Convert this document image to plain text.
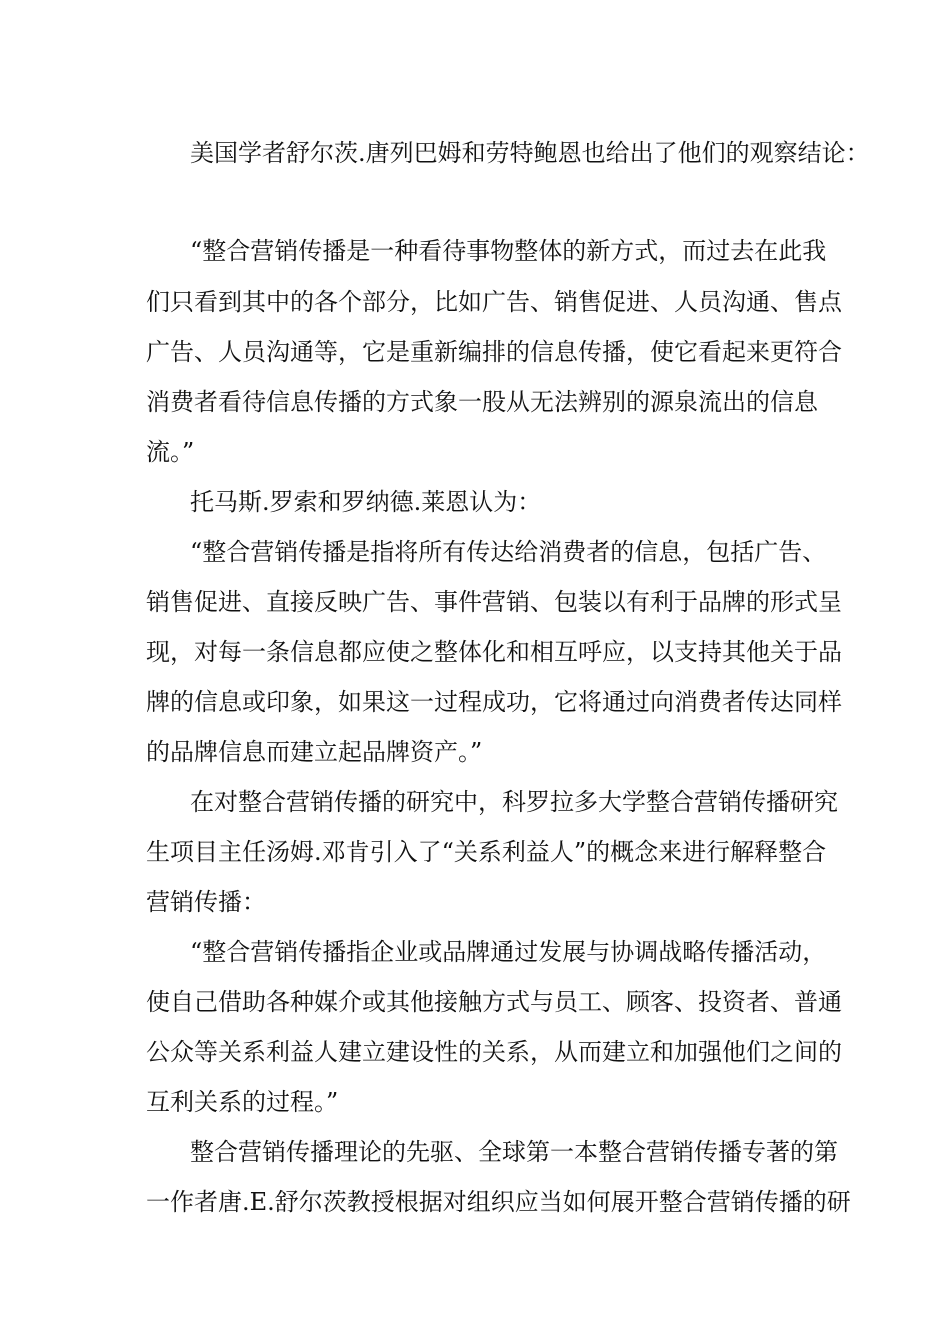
美国学者舒尔茨.唐列巴姆和劳特鲍恩也给出了他们的观察结论：
“整合营销传播是一种看待事物整体的新方式，而过去在此我
们只看到其中的各个部分，比如广告、销售促进、人员沟通、售点
广告、人员沟通等，它是重新编排的信息传播，使它看起来更符合
消费者看待信息传播的方式象一股从无法辨别的源泉流出的信息
流。”
托马斯.罗索和罗纳德.莱恩认为：
“整合营销传播是指将所有传达给消费者的信息，包括广告、
销售促进、直接反映广告、事件营销、包装以有利于品牌的形式呈
现，对每一条信息都应使之整体化和相互呼应，以支持其他关于品
牌的信息或印象，如果这一过程成功，它将通过向消费者传达同样
的品牌信息而建立起品牌资产。”
在对整合营销传播的研究中，科罗拉多大学整合营销传播研究
生项目主任汤姆.邓肯引入了“关系利益人”的概念来进行解释整合
营销传播：
“整合营销传播指企业或品牌通过发展与协调战略传播活动，
使自己借助各种媒介或其他接触方式与员工、顾客、投资者、普通
公众等关系利益人建立建设性的关系，从而建立和加强他们之间的
互利关系的过程。”
整合营销传播理论的先驱、全球第一本整合营销传播专著的第
一作者唐.E.舒尔茨教授根据对组织应当如何展开整合营销传播的研
